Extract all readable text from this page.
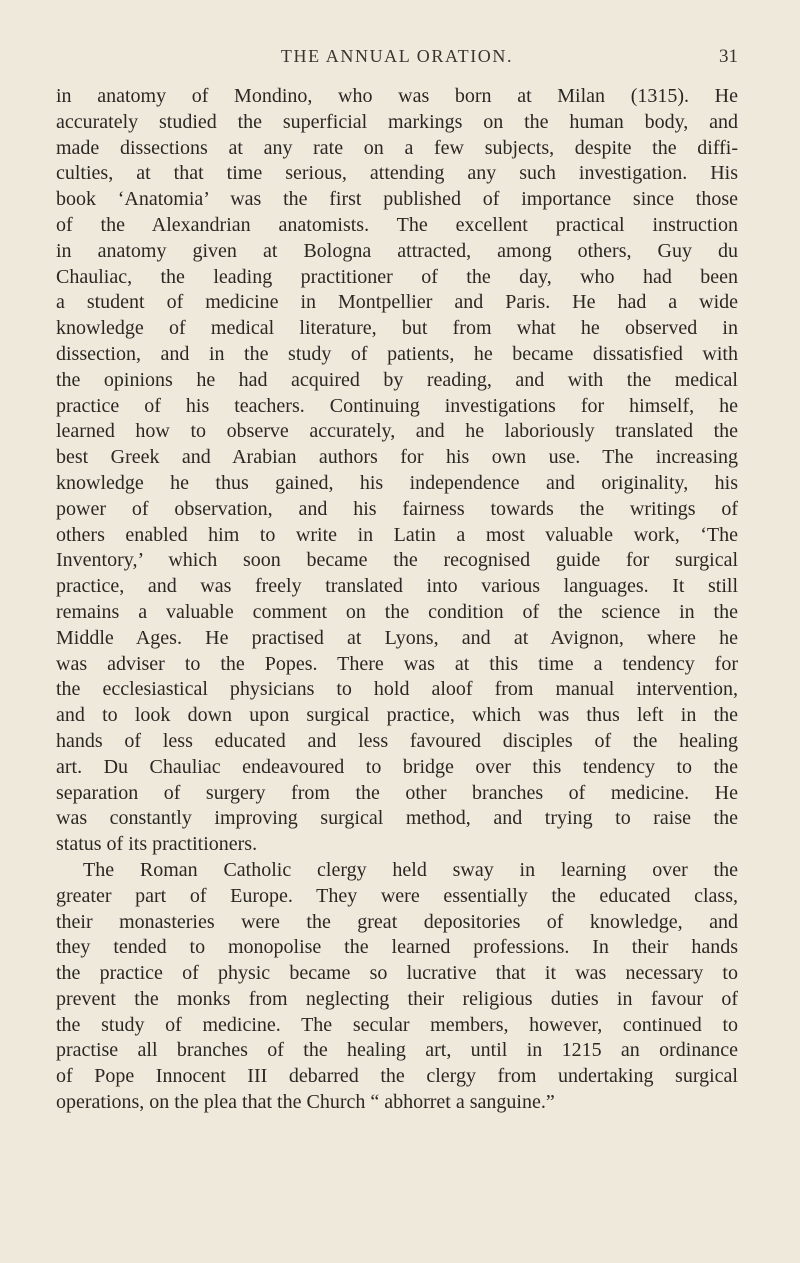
THE ANNUAL ORATION.	31
in anatomy of Mondino, who was born at Milan (1315). He
accurately studied the superficial markings on the human body, and
made dissections at any rate on a few subjects, despite the diffi-
culties, at that time serious, attending any such investigation. His
book ‘Anatomia’ was the first published of importance since those
of the Alexandrian anatomists. The excellent practical instruction
in anatomy given at Bologna attracted, among others, Guy du
Chauliac, the leading practitioner of the day, who had been
a student of medicine in Montpellier and Paris. He had a wide
knowledge of medical literature, but from what he observed in
dissection, and in the study of patients, he became dissatisfied with
the opinions he had acquired by reading, and with the medical
practice of his teachers. Continuing investigations for himself, he
learned how to observe accurately, and he laboriously translated the
best Greek and Arabian authors for his own use. The increasing
knowledge he thus gained, his independence and originality, his
power of observation, and his fairness towards the writings of
others enabled him to write in Latin a most valuable work, ‘The
Inventory,’ which soon became the recognised guide for surgical
practice, and was freely translated into various languages. It still
remains a valuable comment on the condition of the science in the
Middle Ages. He practised at Lyons, and at Avignon, where he
was adviser to the Popes. There was at this time a tendency for
the ecclesiastical physicians to hold aloof from manual intervention,
and to look down upon surgical practice, which was thus left in the
hands of less educated and less favoured disciples of the healing
art. Du Chauliac endeavoured to bridge over this tendency to the
separation of surgery from the other branches of medicine. He
was constantly improving surgical method, and trying to raise the
status of its practitioners.
The Roman Catholic clergy held sway in learning over the
greater part of Europe. They were essentially the educated class,
their monasteries were the great depositories of knowledge, and
they tended to monopolise the learned professions. In their hands
the practice of physic became so lucrative that it was necessary to
prevent the monks from neglecting their religious duties in favour of
the study of medicine. The secular members, however, continued to
practise all branches of the healing art, until in 1215 an ordinance
of Pope Innocent III debarred the clergy from undertaking surgical
operations, on the plea that the Church “ abhorret a sanguine.”
